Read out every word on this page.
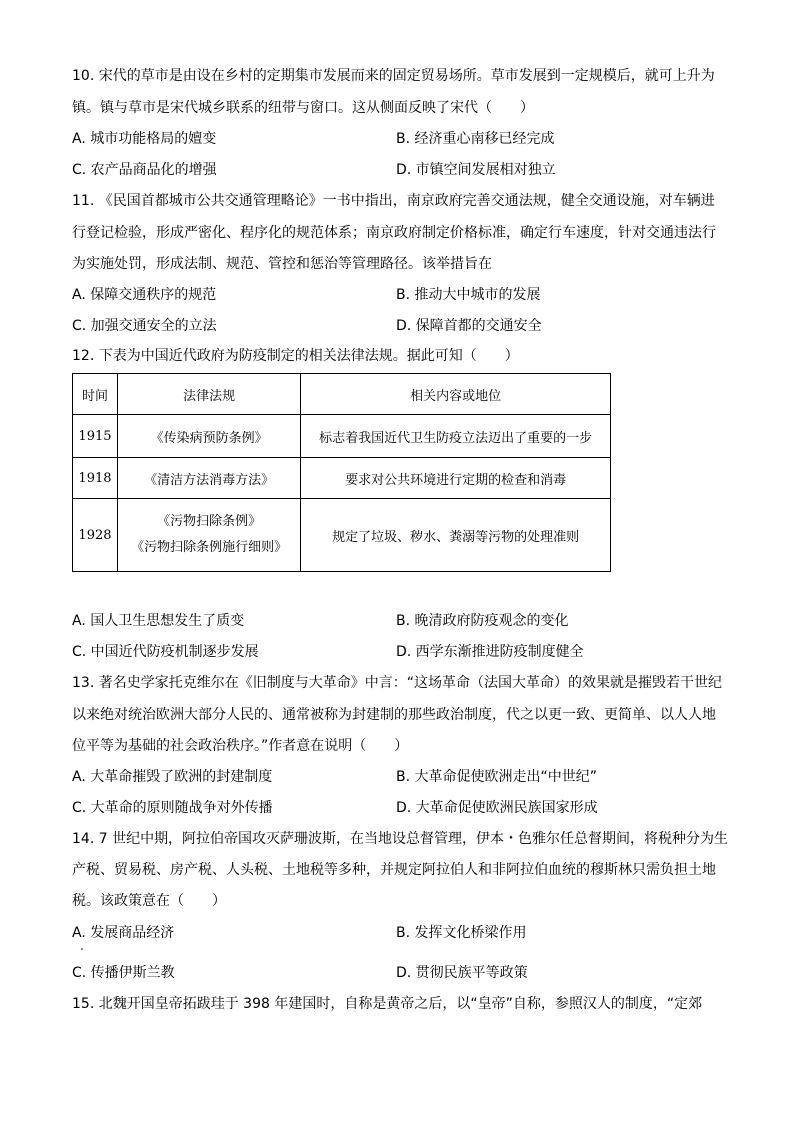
10. 宋代的草市是由设在乡村的定期集市发展而来的固定贸易场所。草市发展到一定规模后，就可上升为
镇。镇与草市是宋代城乡联系的纽带与窗口。这从侧面反映了宋代（　　）
A. 城市功能格局的嬗变	B. 经济重心南移已经完成
C. 农产品商品化的增强	D. 市镇空间发展相对独立
11. 《民国首都城市公共交通管理略论》一书中指出，南京政府完善交通法规，健全交通设施，对车辆进
行登记检验，形成严密化、程序化的规范体系；南京政府制定价格标准，确定行车速度，针对交通违法行
为实施处罚，形成法制、规范、管控和惩治等管理路径。该举措旨在
A. 保障交通秩序的规范	B. 推动大中城市的发展
C. 加强交通安全的立法	D. 保障首都的交通安全
12. 下表为中国近代政府为防疫制定的相关法律法规。据此可知（　　）
时间	法律法规	相关内容或地位
1915	《传染病预防条例》	标志着我国近代卫生防疫立法迈出了重要的一步
1918	《清洁方法消毒方法》	要求对公共环境进行定期的检查和消毒
1928	《污物扫除条例》
《污物扫除条例施行细则》	规定了垃圾、秽水、粪溺等污物的处理准则
A. 国人卫生思想发生了质变	B. 晚清政府防疫观念的变化
C. 中国近代防疫机制逐步发展	D. 西学东渐推进防疫制度健全
13. 著名史学家托克维尔在《旧制度与大革命》中言：“这场革命（法国大革命）的效果就是摧毁若干世纪
以来绝对统治欧洲大部分人民的、通常被称为封建制的那些政治制度，代之以更一致、更简单、以人人地
位平等为基础的社会政治秩序。”作者意在说明（　　）
A. 大革命摧毁了欧洲的封建制度	B. 大革命促使欧洲走出“中世纪”
C. 大革命的原则随战争对外传播	D. 大革命促使欧洲民族国家形成
14. 7 世纪中期，阿拉伯帝国攻灭萨珊波斯，在当地设总督管理，伊本・色雅尔任总督期间，将税种分为生
产税、贸易税、房产税、人头税、土地税等多种，并规定阿拉伯人和非阿拉伯血统的穆斯林只需负担土地
税。该政策意在（　　）
A. 发展商品经济	B. 发挥文化桥梁作用
C. 传播伊斯兰教	D. 贯彻民族平等政策
15. 北魏开国皇帝拓跋珪于 398 年建国时，自称是黄帝之后，以“皇帝”自称，参照汉人的制度，“定郊
